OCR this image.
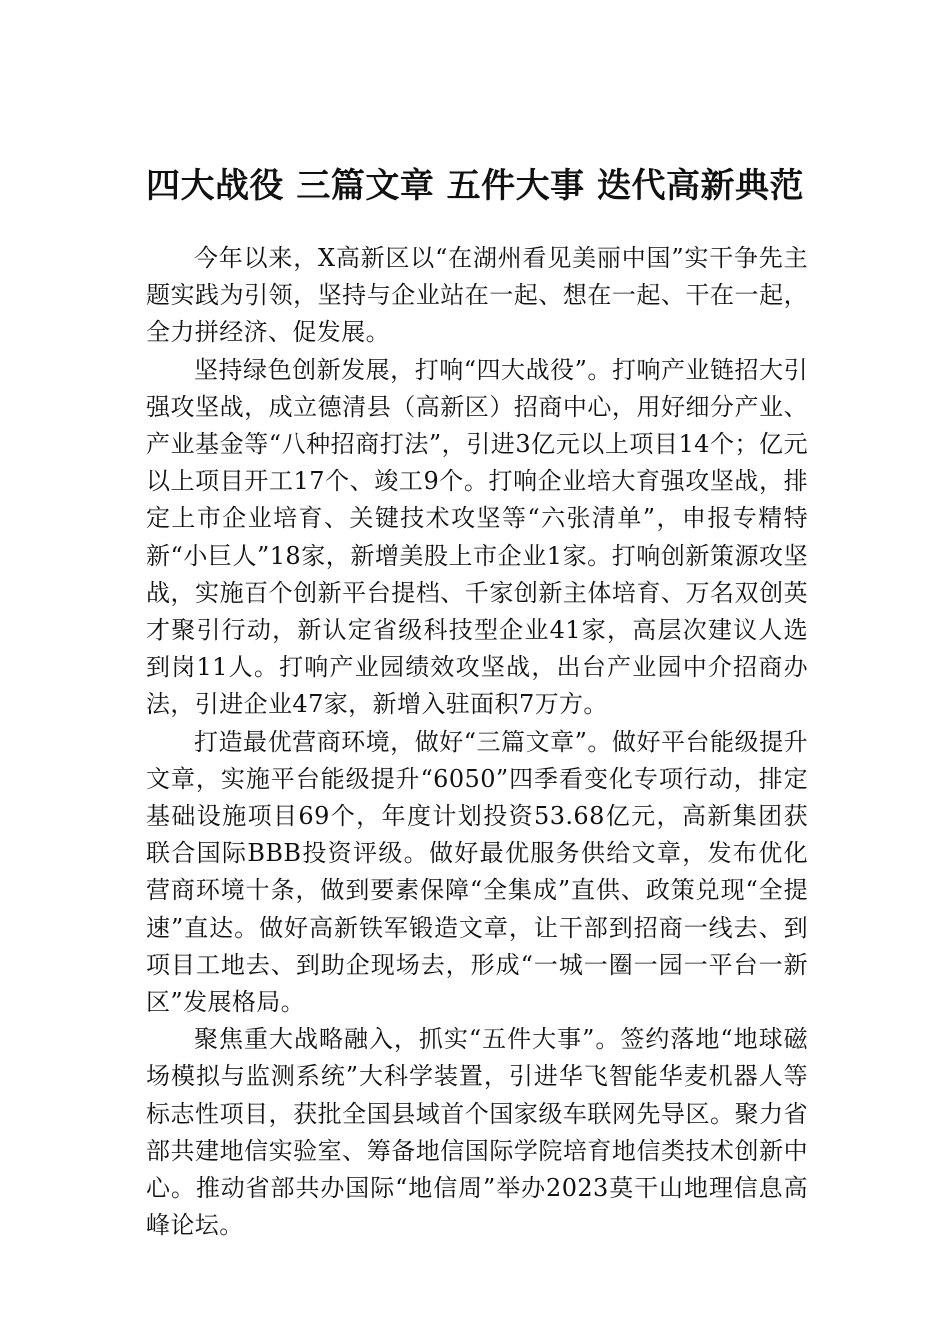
四大战役 三篇文章 五件大事 迭代高新典范

今年以来，X高新区以“在湖州看见美丽中国”实干争先主题实践为引领，坚持与企业站在一起、想在一起、干在一起，全力拼经济、促发展。

坚持绿色创新发展，打响“四大战役”。打响产业链招大引强攻坚战，成立德清县（高新区）招商中心，用好细分产业、产业基金等“八种招商打法”，引进3亿元以上项目14个；亿元以上项目开工17个、竣工9个。打响企业培大育强攻坚战，排定上市企业培育、关键技术攻坚等“六张清单”，申报专精特新“小巨人”18家，新增美股上市企业1家。打响创新策源攻坚战，实施百个创新平台提档、千家创新主体培育、万名双创英才聚引行动，新认定省级科技型企业41家，高层次建议人选到岗11人。打响产业园绩效攻坚战，出台产业园中介招商办法，引进企业47家，新增入驻面积7万方。

打造最优营商环境，做好“三篇文章”。做好平台能级提升文章，实施平台能级提升“6050”四季看变化专项行动，排定基础设施项目69个，年度计划投资53.68亿元，高新集团获联合国际BBB投资评级。做好最优服务供给文章，发布优化营商环境十条，做到要素保障“全集成”直供、政策兑现“全提速”直达。做好高新铁军锻造文章，让干部到招商一线去、到项目工地去、到助企现场去，形成“一城一圈一园一平台一新区”发展格局。

聚焦重大战略融入，抓实“五件大事”。签约落地“地球磁场模拟与监测系统”大科学装置，引进华飞智能华麦机器人等标志性项目，获批全国县域首个国家级车联网先导区。聚力省部共建地信实验室、筹备地信国际学院培育地信类技术创新中心。推动省部共办国际“地信周”举办2023莫干山地理信息高峰论坛。
